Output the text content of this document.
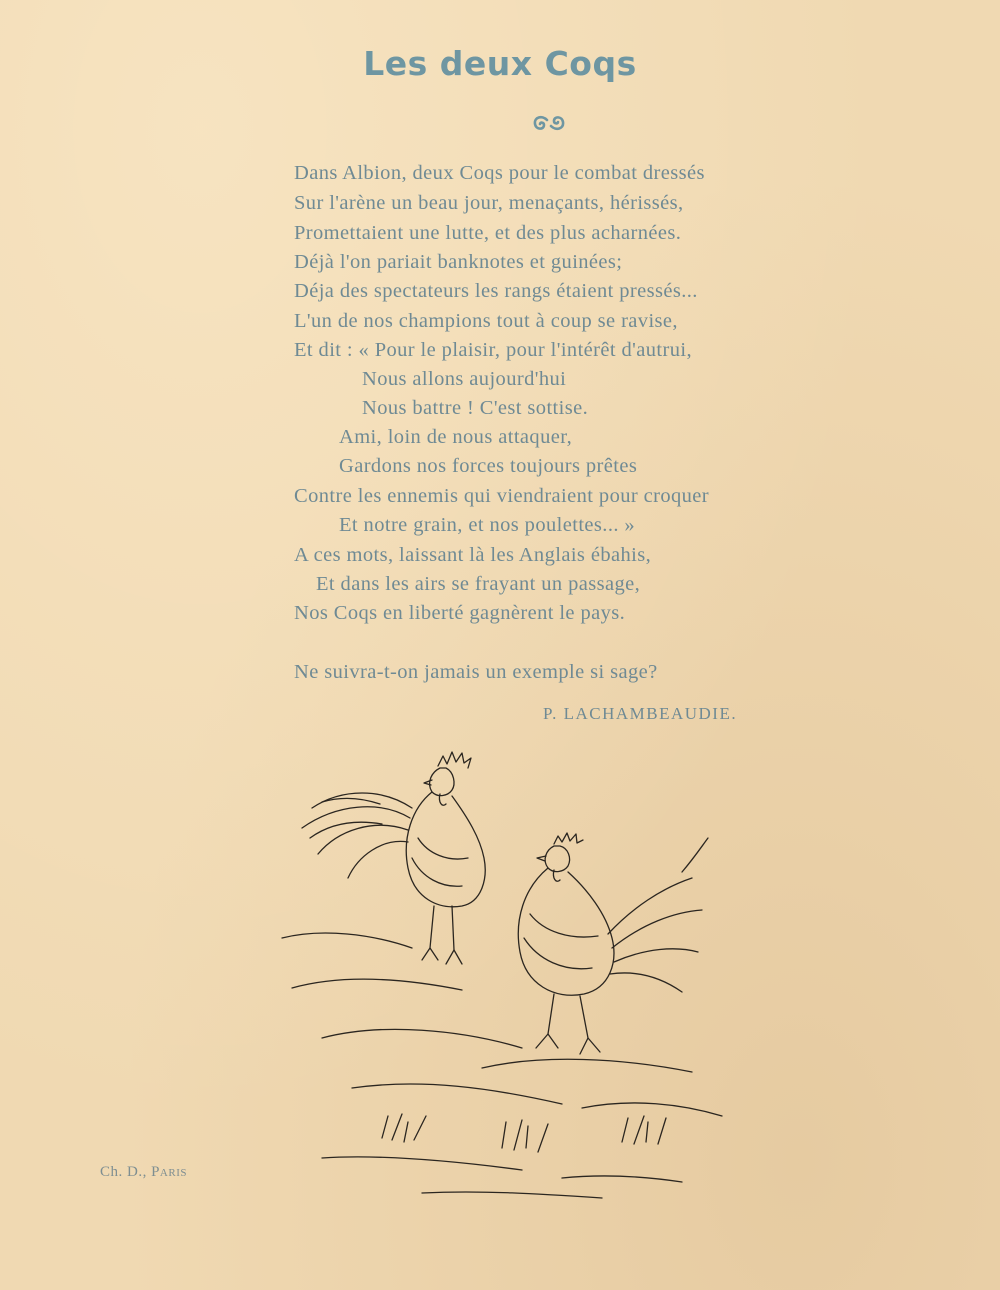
Les deux Coqs
Dans Albion, deux Coqs pour le combat dressés
Sur l'arène un beau jour, menaçants, hérissés,
Promettaient une lutte, et des plus acharnées.
Déjà l'on pariait banknotes et guinées;
Déja des spectateurs les rangs étaient pressés...
L'un de nos champions tout à coup se ravise,
Et dit : « Pour le plaisir, pour l'intérêt d'autrui,
Nous allons aujourd'hui
Nous battre ! C'est sottise.
Ami, loin de nous attaquer,
Gardons nos forces toujours prêtes
Contre les ennemis qui viendraient pour croquer
Et notre grain, et nos poulettes... »
A ces mots, laissant là les Anglais ébahis,
Et dans les airs se frayant un passage,
Nos Coqs en liberté gagnèrent le pays.
Ne suivra-t-on jamais un exemple si sage?
P. LACHAMBEAUDIE.
Ch. D., Paris
